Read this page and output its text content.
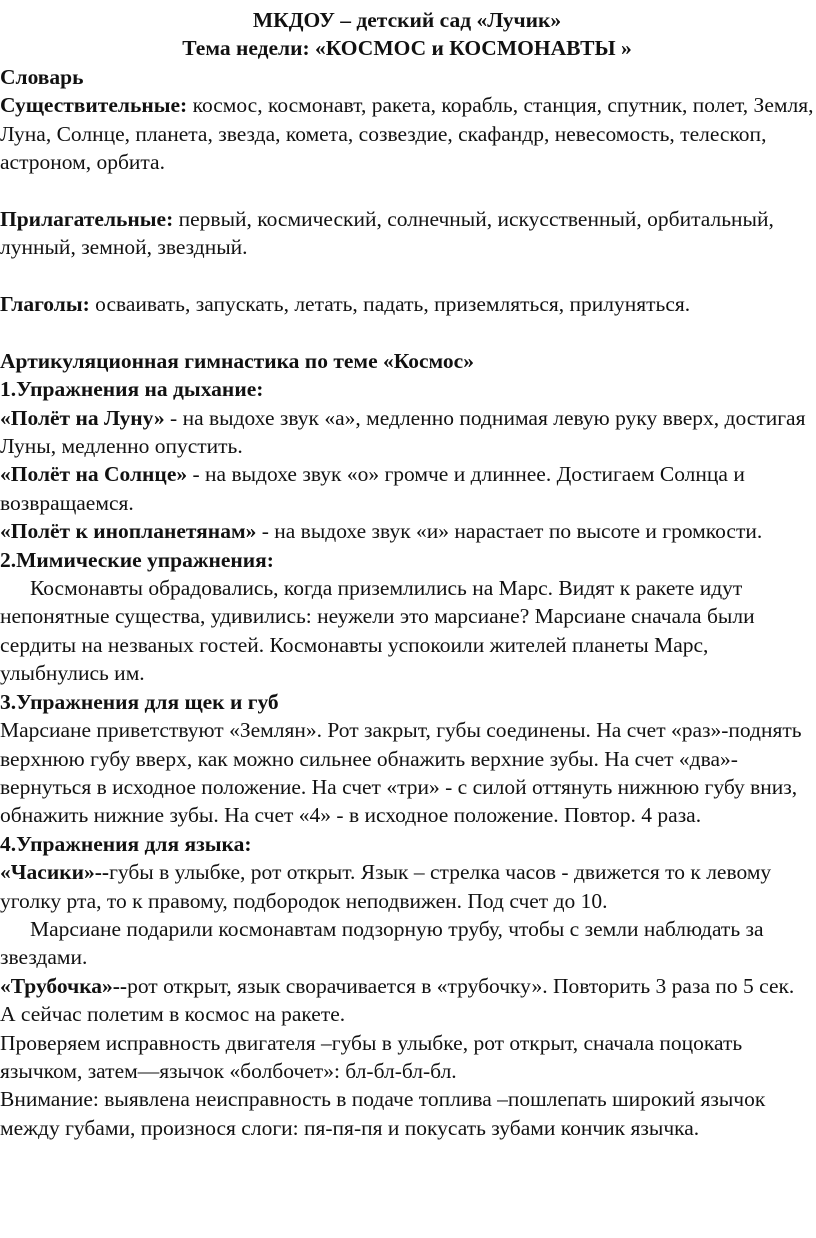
МКДОУ – детский сад «Лучик»

Тема недели: «КОСМОС и КОСМОНАВТЫ »

Словарь

Существительные: космос, космонавт, ракета, корабль, станция, спутник, полет, Земля, Луна, Солнце, планета, звезда, комета, созвездие, скафандр, невесомость, телескоп, астроном, орбита.

Прилагательные: первый, космический, солнечный, искусственный, орбитальный, лунный, земной, звездный.

Глаголы: осваивать, запускать, летать, падать, приземляться, прилуняться.

Артикуляционная гимнастика по теме «Космос»

1.Упражнения на дыхание:

«Полёт на Луну» - на выдохе звук «а», медленно поднимая левую руку вверх, достигая Луны, медленно опустить.

«Полёт на Солнце» - на выдохе звук «о» громче и длиннее. Достигаем Солнца и возвращаемся.

«Полёт к инопланетянам» - на выдохе звук «и» нарастает по высоте и громкости.

2.Мимические упражнения:

Космонавты обрадовались, когда приземлились на Марс. Видят к ракете идут непонятные существа, удивились: неужели это марсиане? Марсиане сначала были сердиты на незваных гостей. Космонавты успокоили жителей планеты Марс, улыбнулись им.

3.Упражнения для щек и губ

Марсиане приветствуют «Землян». Рот закрыт, губы соединены. На счет «раз»-поднять верхнюю губу вверх, как можно сильнее обнажить верхние зубы. На счет «два»-вернуться в исходное положение. На счет «три» - с силой оттянуть нижнюю губу вниз, обнажить нижние зубы. На счет «4» - в исходное положение. Повтор. 4 раза.

4.Упражнения для языка:

«Часики»--губы в улыбке, рот открыт. Язык – стрелка часов - движется то к левому уголку рта, то к правому, подбородок неподвижен. Под счет до 10.

Марсиане подарили космонавтам подзорную трубу, чтобы с земли наблюдать за звездами.

«Трубочка»--рот открыт, язык сворачивается в «трубочку». Повторить 3 раза по 5 сек.

А сейчас полетим в космос на ракете.

Проверяем исправность двигателя –губы в улыбке, рот открыт, сначала поцокать язычком, затем—язычок «болбочет»: бл-бл-бл-бл.

Внимание: выявлена неисправность в подаче топлива –пошлепать широкий язычок между губами, произнося слоги: пя-пя-пя и покусать зубами кончик язычка.
